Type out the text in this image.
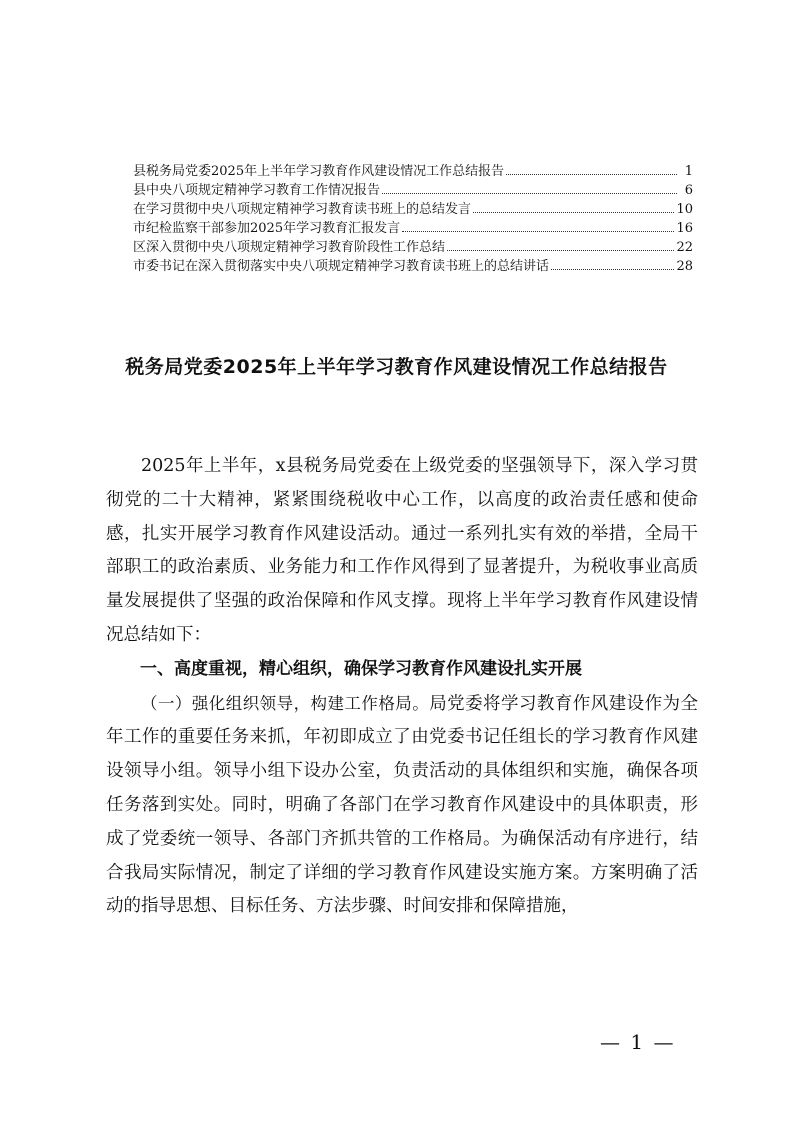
县税务局党委2025年上半年学习教育作风建设情况工作总结报告	1
县中央八项规定精神学习教育工作情况报告	6
在学习贯彻中央八项规定精神学习教育读书班上的总结发言	10
市纪检监察干部参加2025年学习教育汇报发言	16
区深入贯彻中央八项规定精神学习教育阶段性工作总结	22
市委书记在深入贯彻落实中央八项规定精神学习教育读书班上的总结讲话	28
税务局党委2025年上半年学习教育作风建设情况工作总结报告

2025年上半年，x县税务局党委在上级党委的坚强领导下，深入学习贯彻党的二十大精神，紧紧围绕税收中心工作，以高度的政治责任感和使命感，扎实开展学习教育作风建设活动。通过一系列扎实有效的举措，全局干部职工的政治素质、业务能力和工作作风得到了显著提升，为税收事业高质量发展提供了坚强的政治保障和作风支撑。现将上半年学习教育作风建设情况总结如下：

一、高度重视，精心组织，确保学习教育作风建设扎实开展

（一）强化组织领导，构建工作格局。局党委将学习教育作风建设作为全年工作的重要任务来抓，年初即成立了由党委书记任组长的学习教育作风建设领导小组。领导小组下设办公室，负责活动的具体组织和实施，确保各项任务落到实处。同时，明确了各部门在学习教育作风建设中的具体职责，形成了党委统一领导、各部门齐抓共管的工作格局。为确保活动有序进行，结合我局实际情况，制定了详细的学习教育作风建设实施方案。方案明确了活动的指导思想、目标任务、方法步骤、时间安排和保障措施，

— 1 —
